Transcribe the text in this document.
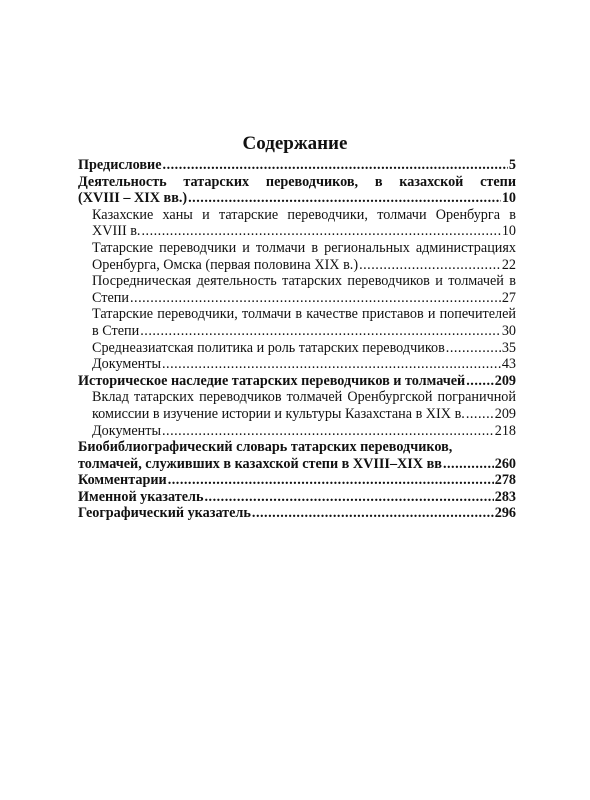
Содержание
Предисловие .....	5
Деятельность татарских переводчиков, в казахской степи
(XVIII – XIX вв.) .....	10
Казахские ханы и татарские переводчики, толмачи Оренбурга в
XVIII в. .....	10
Татарские переводчики и толмачи в региональных администрациях
Оренбурга, Омска (первая половина XIX в.) .....	22
Посредническая деятельность татарских переводчиков и толмачей в
Степи .....	27
Татарские переводчики, толмачи в качестве приставов и попечителей
в Степи .....	30
Среднеазиатская политика и роль татарских переводчиков .....	35
Документы .....	43
Историческое наследие татарских переводчиков и толмачей ..... 209
Вклад татарских переводчиков толмачей Оренбургской пограничной
комиссии в изучение истории и культуры Казахстана в XIX в. ..... 209
Документы .....	218
Биобиблиографический словарь татарских переводчиков,
толмачей, служивших в казахской степи в XVIII–XIX вв .....	260
Комментарии .....	278
Именной указатель .....	283
Географический указатель .....	296
